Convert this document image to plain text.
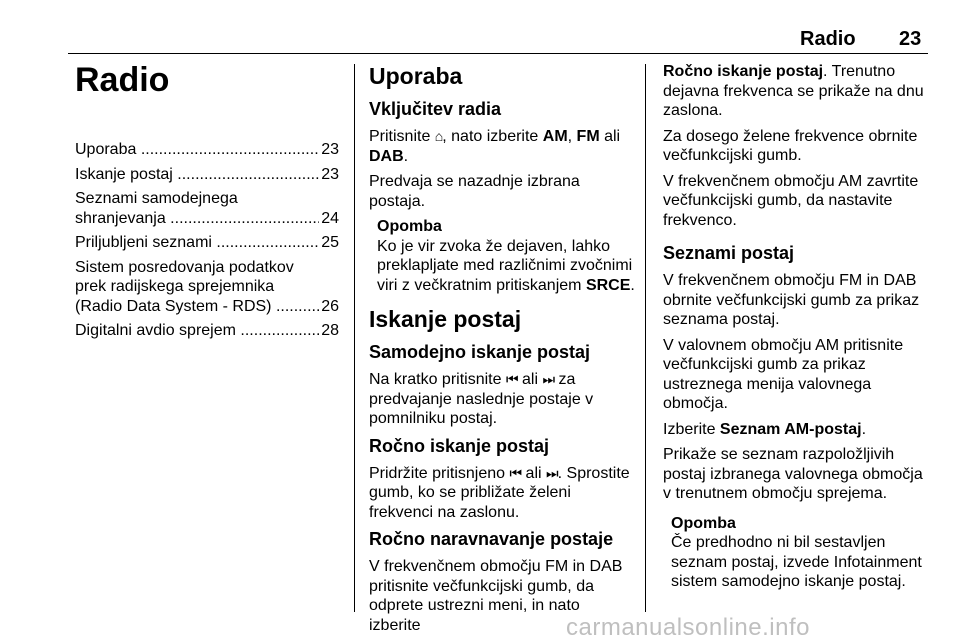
Radio 23
Radio
Uporaba .....	23
Iskanje postaj .....	23
Seznami samodejnega
shranjevanja .....	24
Priljubljeni seznami .....	25
Sistem posredovanja podatkov
prek radijskega sprejemnika
(Radio Data System - RDS) .....	26
Digitalni avdio sprejem .....	28
Uporaba
Vključitev radia

Pritisnite ⌂, nato izberite AM, FM ali
DAB.

Predvaja se nazadnje izbrana postaja.

Opomba
Ko je vir zvoka že dejaven, lahko preklapljate med različnimi zvočnimi viri z večkratnim pritiskanjem SRCE.
Iskanje postaj
Samodejno iskanje postaj

Na kratko pritisnite ⏮ ali ⏭ za predvajanje naslednje postaje v pomnilniku postaj.

Ročno iskanje postaj

Pridržite pritisnjeno ⏮ ali ⏭. Sprostite gumb, ko se približate želeni frekvenci na zaslonu.

Ročno naravnavanje postaje

V frekvenčnem območju FM in DAB pritisnite večfunkcijski gumb, da odprete ustrezni meni, in nato izberite

Ročno iskanje postaj. Trenutno dejavna frekvenca se prikaže na dnu zaslona.

Za dosego želene frekvence obrnite večfunkcijski gumb.

V frekvenčnem območju AM zavrtite večfunkcijski gumb, da nastavite frekvenco.

Seznami postaj

V frekvenčnem območju FM in DAB obrnite večfunkcijski gumb za prikaz seznama postaj.

V valovnem območju AM pritisnite večfunkcijski gumb za prikaz ustreznega menija valovnega območja.

Izberite Seznam AM-postaj.

Prikaže se seznam razpoložljivih postaj izbranega valovnega območja v trenutnem območju sprejema.

Opomba
Če predhodno ni bil sestavljen seznam postaj, izvede Infotainment sistem samodejno iskanje postaj.
carmanualsonline.info
